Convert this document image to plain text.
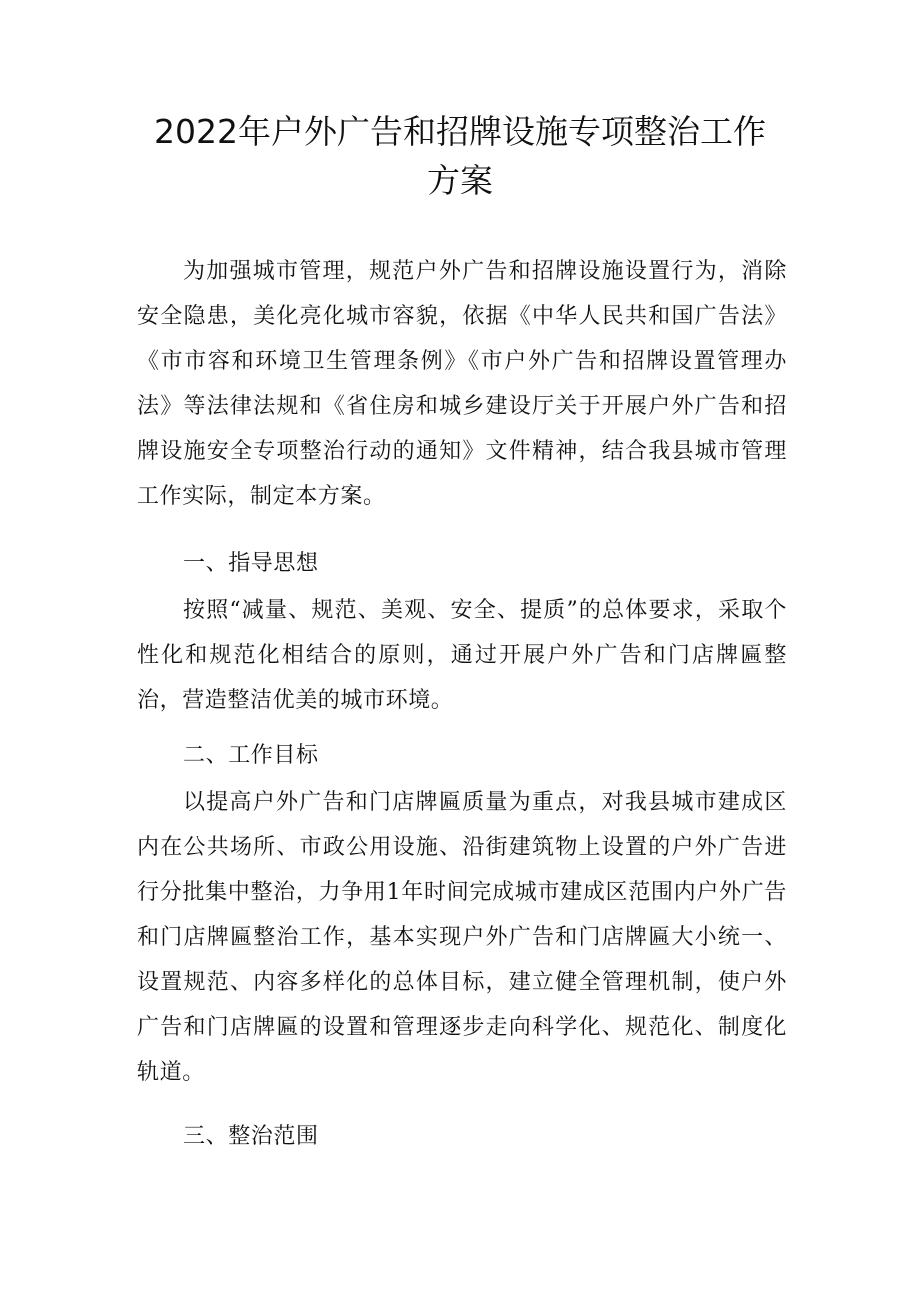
2022年户外广告和招牌设施专项整治工作
方案

为加强城市管理，规范户外广告和招牌设施设置行为，消除安全隐患，美化亮化城市容貌，依据《中华人民共和国广告法》《市市容和环境卫生管理条例》《市户外广告和招牌设置管理办法》等法律法规和《省住房和城乡建设厅关于开展户外广告和招牌设施安全专项整治行动的通知》文件精神，结合我县城市管理工作实际，制定本方案。

一、指导思想

按照“减量、规范、美观、安全、提质”的总体要求，采取个性化和规范化相结合的原则，通过开展户外广告和门店牌匾整治，营造整洁优美的城市环境。

二、工作目标

以提高户外广告和门店牌匾质量为重点，对我县城市建成区内在公共场所、市政公用设施、沿街建筑物上设置的户外广告进行分批集中整治，力争用1年时间完成城市建成区范围内户外广告和门店牌匾整治工作，基本实现户外广告和门店牌匾大小统一、设置规范、内容多样化的总体目标，建立健全管理机制，使户外广告和门店牌匾的设置和管理逐步走向科学化、规范化、制度化轨道。

三、整治范围
